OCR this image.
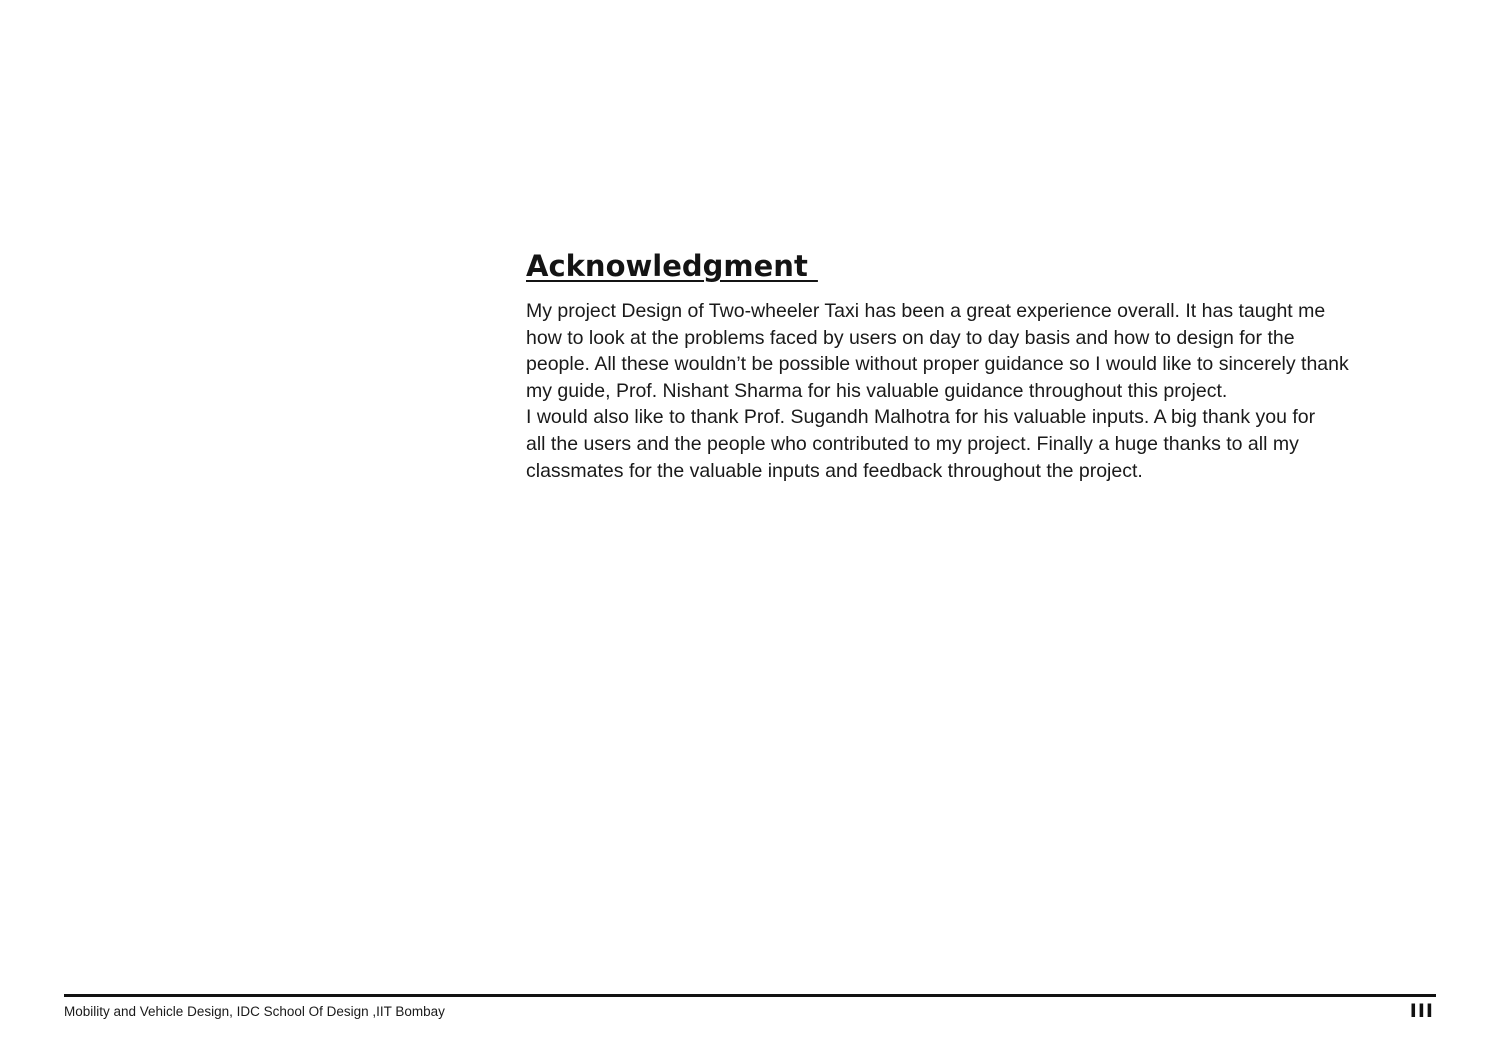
Acknowledgment
My project Design of Two-wheeler Taxi has been a great experience overall. It has taught me
how to look at the problems faced by users on day to day basis and how to design for the
people. All these wouldn’t be possible without proper guidance so I would like to sincerely thank
my guide, Prof. Nishant Sharma for his valuable guidance throughout this project.
I would also like to thank Prof. Sugandh Malhotra for his valuable inputs. A big thank you for
all the users and the people who contributed to my project. Finally a huge thanks to all my
classmates for the valuable inputs and feedback throughout the project.
Mobility and Vehicle Design, IDC School Of Design ,IIT Bombay	III
